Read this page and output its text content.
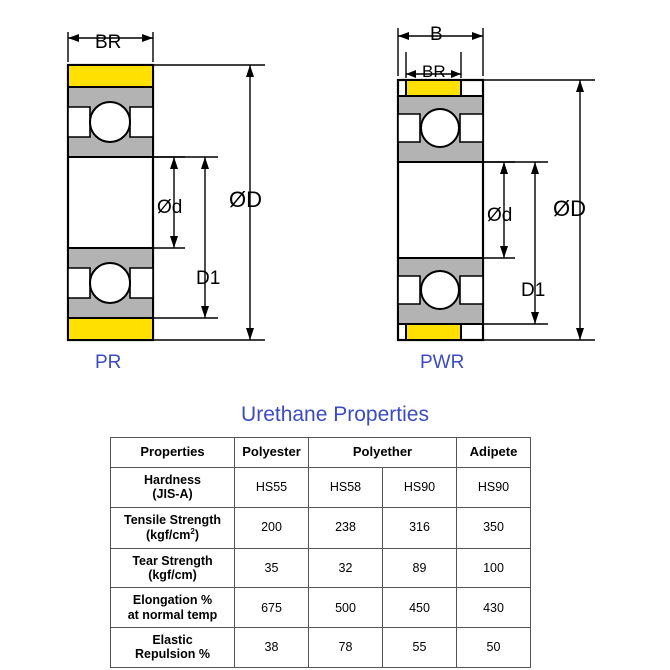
BR
Ød ØD
D1
PR
B
BR
Ød ØD
D1
PWR
Urethane Properties
Properties	Polyester	Polyether		Adipete

Hardness
(JIS-A)	HS55	HS58	HS90	HS90

Tensile Strength
$(kgf/cm^2)$	200	238	316	350

Tear Strength
(kgf/cm)	35	32	89	100

Elongation %
at normal temp	675	500	450	430

Elastic
Repulsion %	38	78	55	50
